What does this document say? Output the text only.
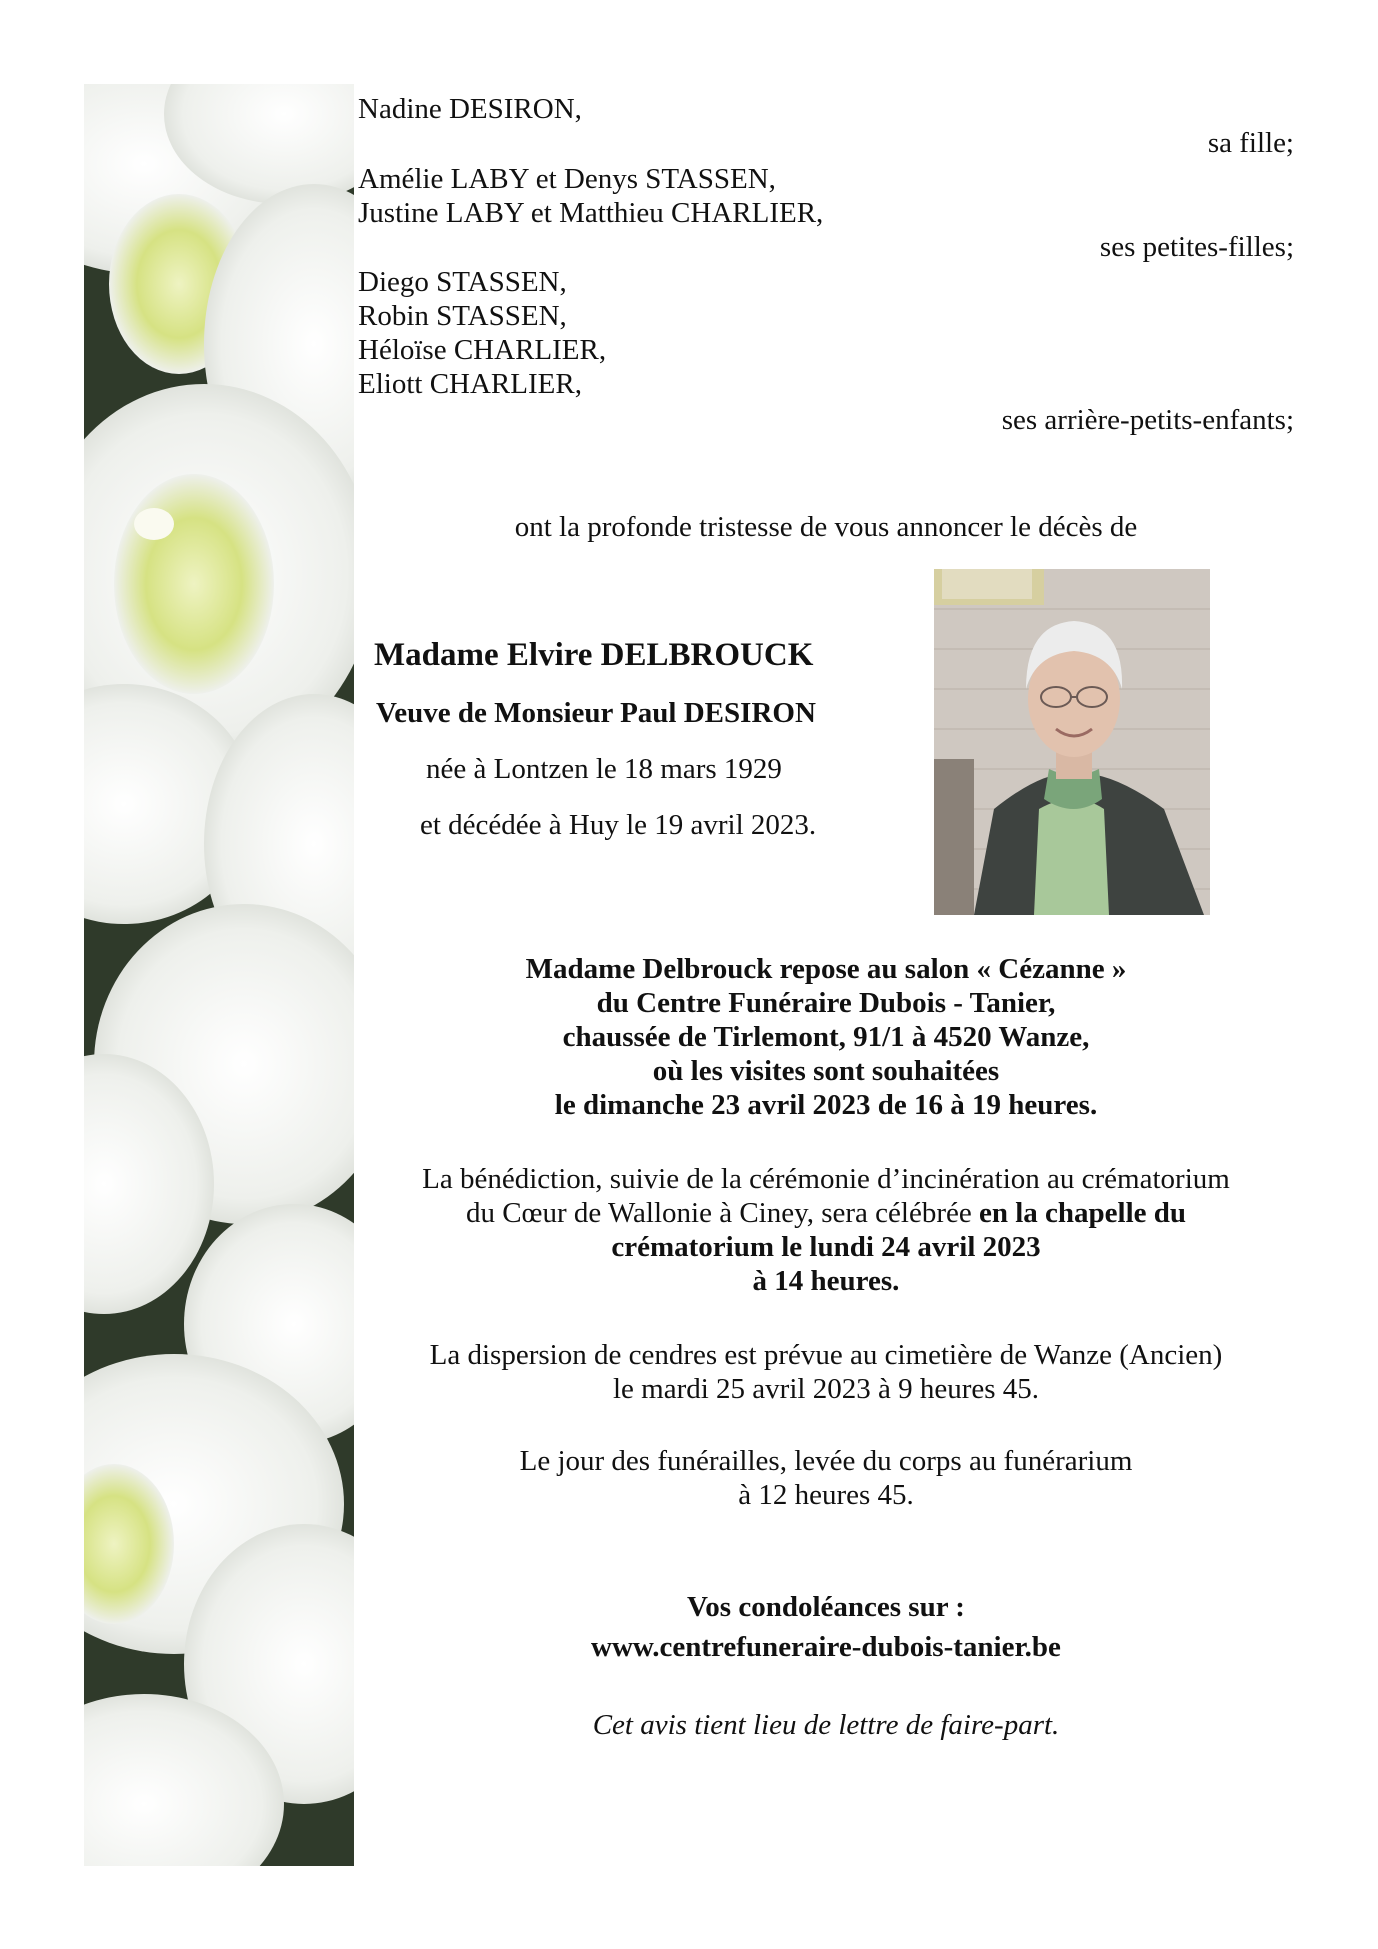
Nadine DESIRON,
sa fille;
Amélie LABY et Denys STASSEN,
Justine LABY et Matthieu CHARLIER,
ses petites-filles;
Diego STASSEN,
Robin STASSEN,
Héloïse CHARLIER,
Eliott CHARLIER,
ses arrière-petits-enfants;
ont la profonde tristesse de vous annoncer le décès de
Madame Elvire DELBROUCK
Veuve de Monsieur Paul DESIRON
née à Lontzen le 18 mars 1929
et décédée à Huy le 19 avril 2023.
Madame Delbrouck repose au salon « Cézanne »
du Centre Funéraire Dubois - Tanier,
chaussée de Tirlemont, 91/1 à 4520 Wanze,
où les visites sont souhaitées
le dimanche 23 avril 2023 de 16 à 19 heures.
La bénédiction, suivie de la cérémonie d’incinération au crématorium
du Cœur de Wallonie à Ciney, sera célébrée en la chapelle du
crématorium le lundi 24 avril 2023
à 14 heures.
La dispersion de cendres est prévue au cimetière de Wanze (Ancien)
le mardi 25 avril 2023 à 9 heures 45.
Le jour des funérailles, levée du corps au funérarium
à 12 heures 45.
Vos condoléances sur :
www.centrefuneraire-dubois-tanier.be
Cet avis tient lieu de lettre de faire-part.
